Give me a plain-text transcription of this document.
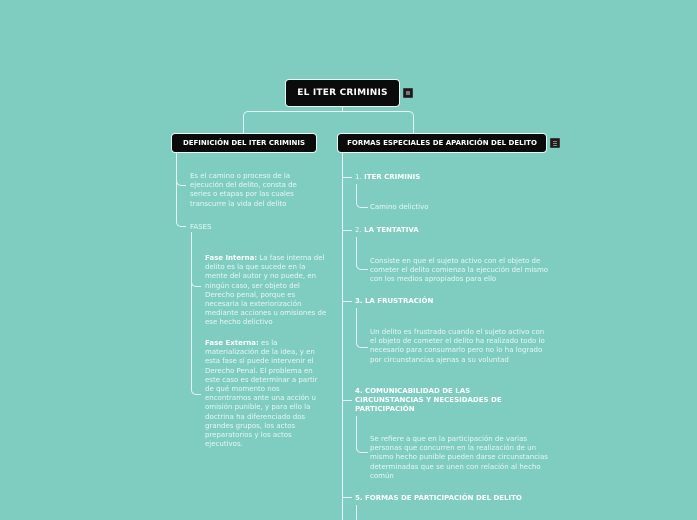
EL ITER CRIMINIS
DEFINICIÓN DEL ITER CRIMINIS	FORMAS ESPECIALES DE APARICIÓN DEL DELITO
Es el camino o proceso de la ejecución del delito, consta de series o etapas por las cuales transcurre la vida del delito
FASES
Fase Interna: La fase interna del delito es la que sucede en la mente del autor y no puede, en ningún caso, ser objeto del Derecho penal, porque es necesaria la exteriorización mediante acciones u omisiones de ese hecho delictivo
Fase Externa: es la materialización de la idea, y en esta fase sí puede intervenir el Derecho Penal. El problema en este caso es determinar a partir de qué momento nos encontramos ante una acción u omisión punible, y para ello la doctrina ha diferenciado dos grandes grupos, los actos preparatorios y los actos ejecutivos.
1. ITER CRIMINIS
Camino delictivo
2. LA TENTATIVA
Consiste en que el sujeto activo con el objeto de cometer el delito comienza la ejecución del mismo con los medios apropiados para ello
3. LA FRUSTRACIÓN
Un delito es frustrado cuando el sujeto activo con el objeto de cometer el delito ha realizado todo lo necesario para consumarlo pero no lo ha logrado por circunstancias ajenas a su voluntad
4. COMUNICABILIDAD DE LAS CIRCUNSTANCIAS Y NECESIDADES DE PARTICIPACIÓN
Se refiere a que en la participación de varias personas que concurren en la realización de un mismo hecho punible pueden darse circunstancias determinadas que se unen con relación al hecho común
5. FORMAS DE PARTICIPACIÓN DEL DELITO
